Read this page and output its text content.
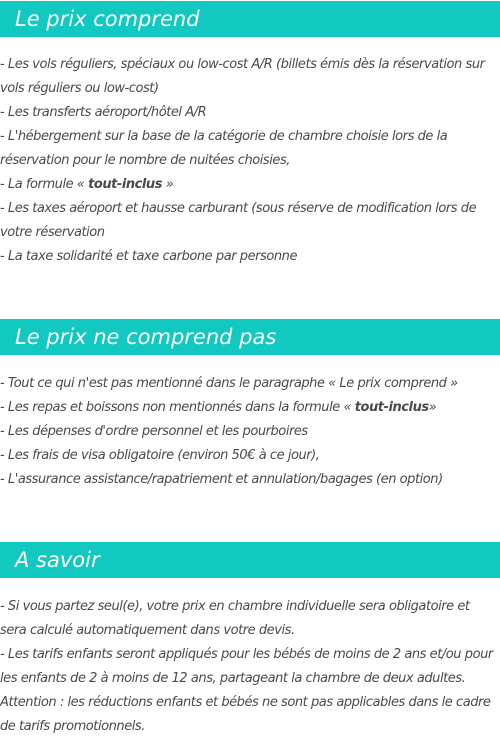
Le prix comprend
- Les vols réguliers, spéciaux ou low-cost A/R (billets émis dès la réservation sur
vols réguliers ou low-cost)
- Les transferts aéroport/hôtel A/R
- L'hébergement sur la base de la catégorie de chambre choisie lors de la
réservation pour le nombre de nuitées choisies,
- La formule « tout-inclus »
- Les taxes aéroport et hausse carburant (sous réserve de modification lors de
votre réservation
- La taxe solidarité et taxe carbone par personne
Le prix ne comprend pas
- Tout ce qui n'est pas mentionné dans le paragraphe « Le prix comprend »
- Les repas et boissons non mentionnés dans la formule « tout-inclus»
- Les dépenses d'ordre personnel et les pourboires
- Les frais de visa obligatoire (environ 50€ à ce jour),
- L'assurance assistance/rapatriement et annulation/bagages (en option)
A savoir
- Si vous partez seul(e), votre prix en chambre individuelle sera obligatoire et
sera calculé automatiquement dans votre devis.
- Les tarifs enfants seront appliqués pour les bébés de moins de 2 ans et/ou pour
les enfants de 2 à moins de 12 ans, partageant la chambre de deux adultes.
Attention : les réductions enfants et bébés ne sont pas applicables dans le cadre
de tarifs promotionnels.
